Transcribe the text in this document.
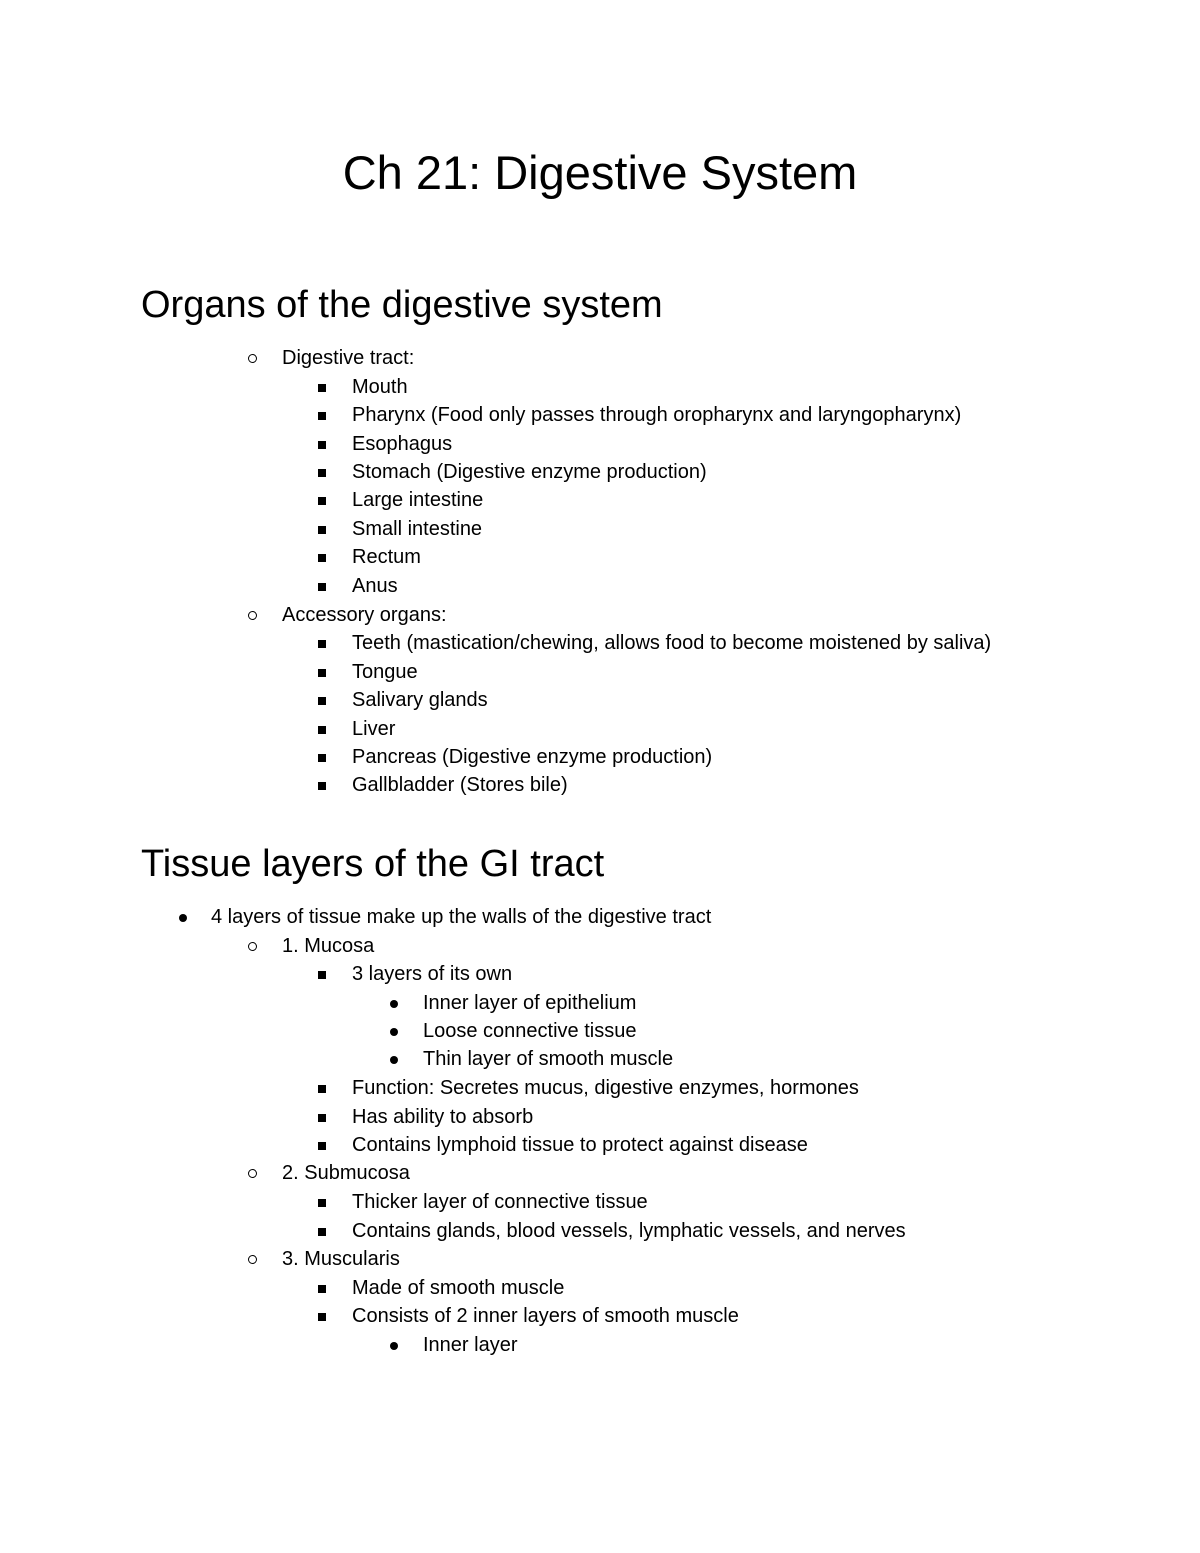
Ch 21: Digestive System
Organs of the digestive system
Digestive tract:
Mouth
Pharynx (Food only passes through oropharynx and laryngopharynx)
Esophagus
Stomach (Digestive enzyme production)
Large intestine
Small intestine
Rectum
Anus
Accessory organs:
Teeth (mastication/chewing, allows food to become moistened by saliva)
Tongue
Salivary glands
Liver
Pancreas (Digestive enzyme production)
Gallbladder (Stores bile)
Tissue layers of the GI tract
4 layers of tissue make up the walls of the digestive tract
1. Mucosa
3 layers of its own
Inner layer of epithelium
Loose connective tissue
Thin layer of smooth muscle
Function: Secretes mucus, digestive enzymes, hormones
Has ability to absorb
Contains lymphoid tissue to protect against disease
2. Submucosa
Thicker layer of connective tissue
Contains glands, blood vessels, lymphatic vessels, and nerves
3. Muscularis
Made of smooth muscle
Consists of 2 inner layers of smooth muscle
Inner layer
